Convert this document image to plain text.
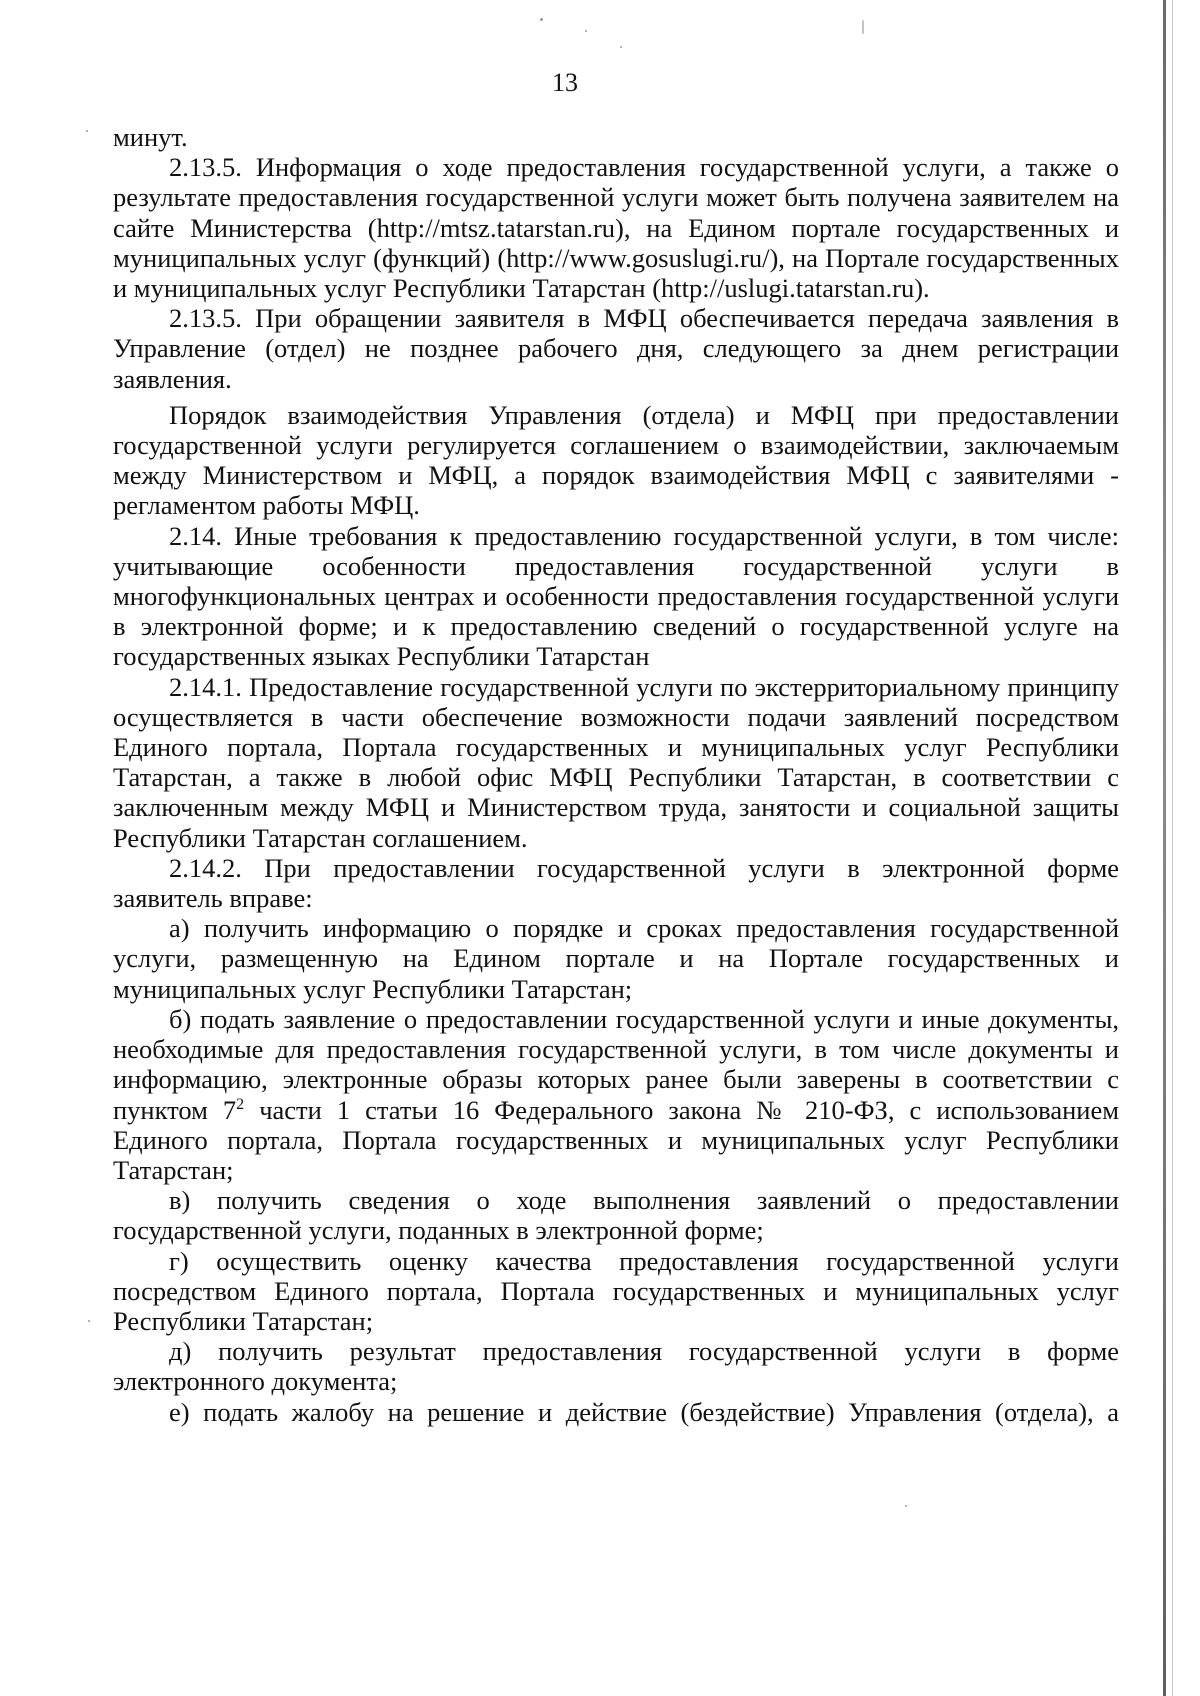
13

минут.

2.13.5. Информация о ходе предоставления государственной услуги, а также о результате предоставления государственной услуги может быть получена заявителем на сайте Министерства (http://mtsz.tatarstan.ru), на Едином портале государственных и муниципальных услуг (функций) (http://www.gosuslugi.ru/), на Портале государственных и муниципальных услуг Республики Татарстан (http://uslugi.tatarstan.ru).

2.13.5. При обращении заявителя в МФЦ обеспечивается передача заявления в Управление (отдел) не позднее рабочего дня, следующего за днем регистрации заявления.

Порядок взаимодействия Управления (отдела) и МФЦ при предоставлении государственной услуги регулируется соглашением о взаимодействии, заключаемым между Министерством и МФЦ, а порядок взаимодействия МФЦ с заявителями - регламентом работы МФЦ.

2.14. Иные требования к предоставлению государственной услуги, в том числе: учитывающие особенности предоставления государственной услуги в многофункциональных центрах и особенности предоставления государственной услуги в электронной форме; и к предоставлению сведений о государственной услуге на государственных языках Республики Татарстан

2.14.1. Предоставление государственной услуги по экстерриториальному принципу осуществляется в части обеспечение возможности подачи заявлений посредством Единого портала, Портала государственных и муниципальных услуг Республики Татарстан, а также в любой офис МФЦ Республики Татарстан, в соответствии с заключенным между МФЦ и Министерством труда, занятости и социальной защиты Республики Татарстан соглашением.

2.14.2. При предоставлении государственной услуги в электронной форме заявитель вправе:

а) получить информацию о порядке и сроках предоставления государственной услуги, размещенную на Едином портале и на Портале государственных и муниципальных услуг Республики Татарстан;

б) подать заявление о предоставлении государственной услуги и иные документы, необходимые для предоставления государственной услуги, в том числе документы и информацию, электронные образы которых ранее были заверены в соответствии с пунктом $7^2$ части 1 статьи 16 Федерального закона № 210-ФЗ, с использованием Единого портала, Портала государственных и муниципальных услуг Республики Татарстан;

в) получить сведения о ходе выполнения заявлений о предоставлении государственной услуги, поданных в электронной форме;

г) осуществить оценку качества предоставления государственной услуги посредством Единого портала, Портала государственных и муниципальных услуг Республики Татарстан;

д) получить результат предоставления государственной услуги в форме электронного документа;

е) подать жалобу на решение и действие (бездействие) Управления (отдела), а
